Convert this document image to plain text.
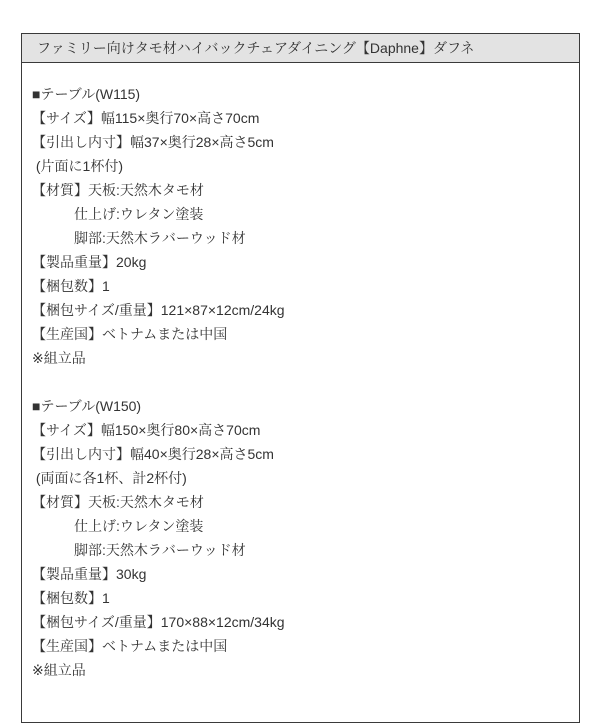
ファミリー向けタモ材ハイバックチェアダイニング【Daphne】ダフネ
■テーブル(W115)
【サイズ】幅115×奥行70×高さ70cm
【引出し内寸】幅37×奥行28×高さ5cm
(片面に1杯付)
【材質】天板:天然木タモ材
　　　仕上げ:ウレタン塗装
　　　脚部:天然木ラバーウッド材
【製品重量】20kg
【梱包数】1
【梱包サイズ/重量】121×87×12cm/24kg
【生産国】ベトナムまたは中国
※組立品
■テーブル(W150)
【サイズ】幅150×奥行80×高さ70cm
【引出し内寸】幅40×奥行28×高さ5cm
(両面に各1杯、計2杯付)
【材質】天板:天然木タモ材
　　　仕上げ:ウレタン塗装
　　　脚部:天然木ラバーウッド材
【製品重量】30kg
【梱包数】1
【梱包サイズ/重量】170×88×12cm/34kg
【生産国】ベトナムまたは中国
※組立品
